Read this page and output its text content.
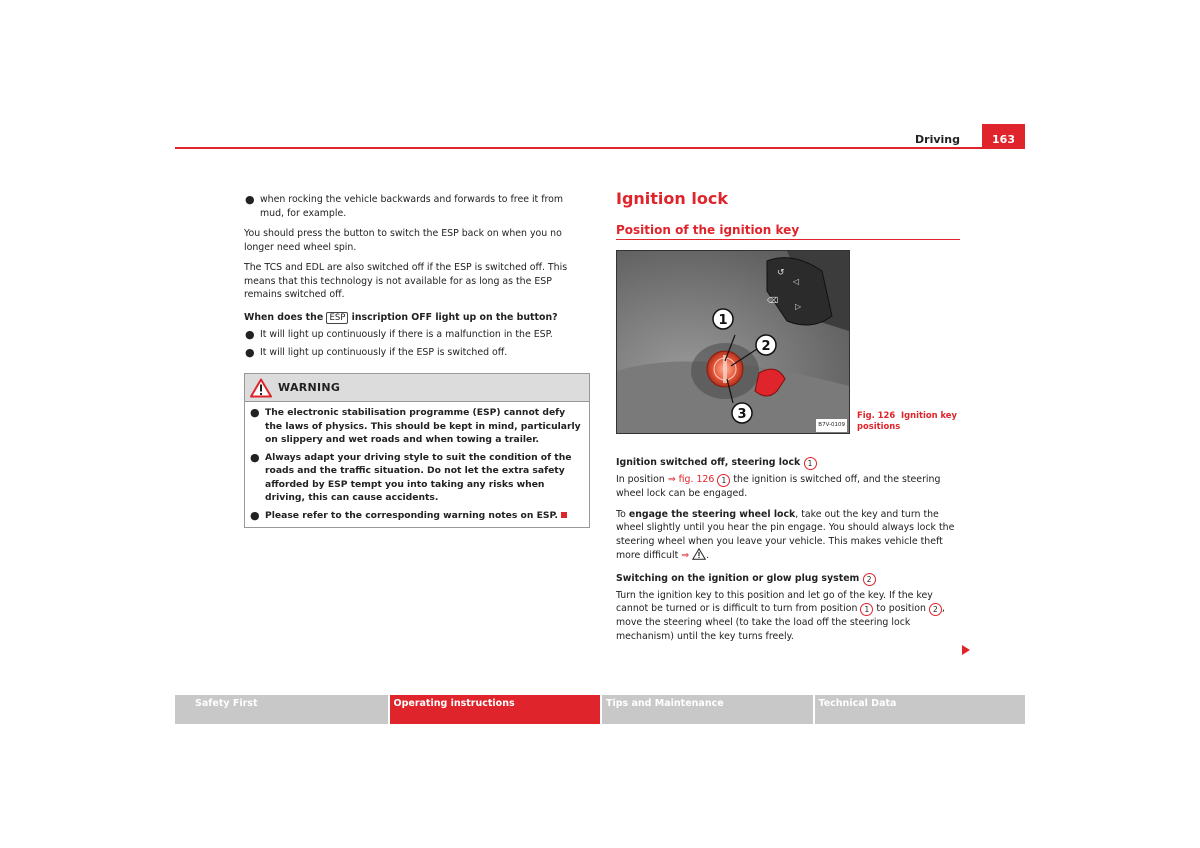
Driving	163
● when rocking the vehicle backwards and forwards to free it from mud, for example.

You should press the button to switch the ESP back on when you no longer need wheel spin.

The TCS and EDL are also switched off if the ESP is switched off. This means that this technology is not available for as long as the ESP remains switched off.

When does the ESP inscription OFF light up on the button?

● It will light up continuously if there is a malfunction in the ESP.
● It will light up continuously if the ESP is switched off.
WARNING
● The electronic stabilisation programme (ESP) cannot defy the laws of physics. This should be kept in mind, particularly on slippery and wet roads and when towing a trailer.
● Always adapt your driving style to suit the condition of the roads and the traffic situation. Do not let the extra safety afforded by ESP tempt you into taking any risks when driving, this can cause accidents.
● Please refer to the corresponding warning notes on ESP.
Ignition lock
Position of the ignition key
↺
◁
⌫
▷
1
2
3
B7V-0109
Fig. 126 Ignition key positions

Ignition switched off, steering lock 1

In position ⇒ fig. 126 1 the ignition is switched off, and the steering wheel lock can be engaged.

To engage the steering wheel lock, take out the key and turn the wheel slightly until you hear the pin engage. You should always lock the steering wheel when you leave your vehicle. This makes vehicle theft more difficult ⇒ .

Switching on the ignition or glow plug system 2

Turn the ignition key to this position and let go of the key. If the key cannot be turned or is difficult to turn from position 1 to position 2 , move the steering wheel (to take the load off the steering lock mechanism) until the key turns freely.

Safety First	Operating instructions	Tips and Maintenance	Technical Data
